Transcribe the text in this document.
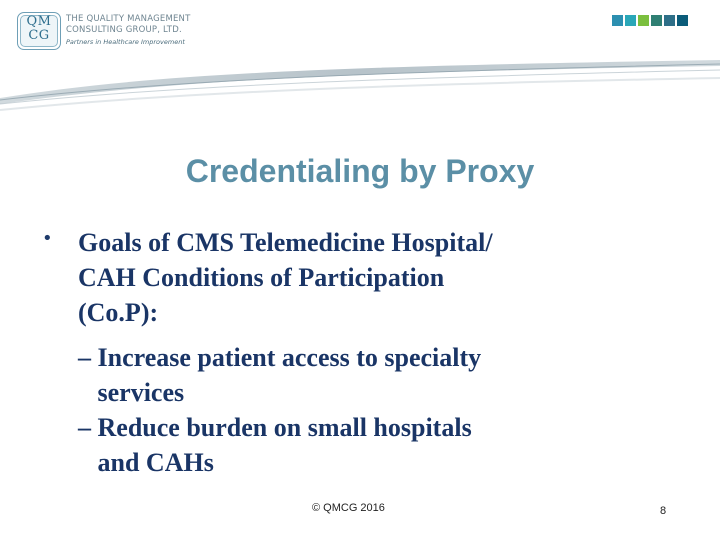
QM
CG
THE QUALITY MANAGEMENT
CONSULTING GROUP, LTD.
Partners in Healthcare Improvement
Credentialing by Proxy
• Goals of CMS Telemedicine Hospital/
CAH Conditions of Participation
(Co.P):
– Increase patient access to specialty
services
– Reduce burden on small hospitals
and CAHs
© QMCG 2016	8
